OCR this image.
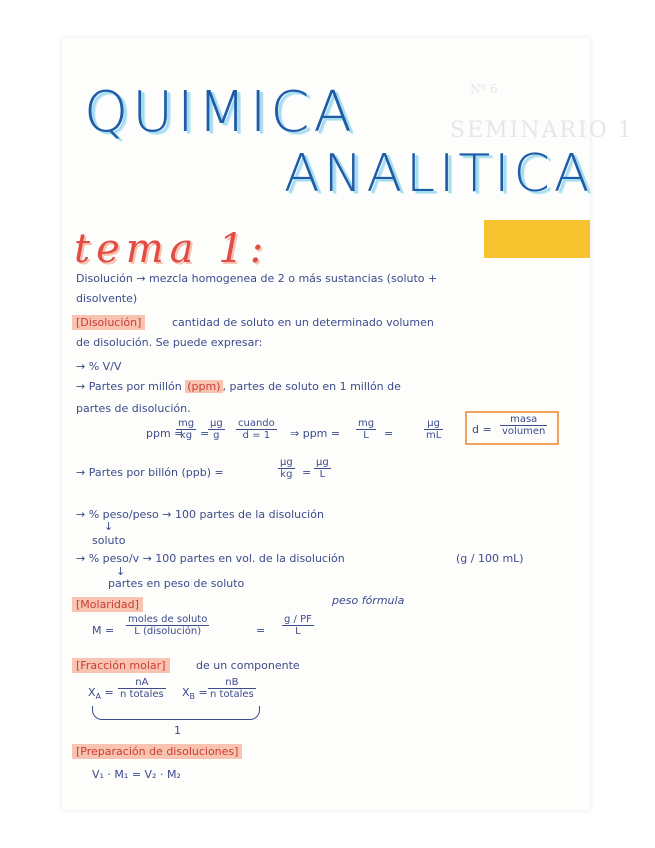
Nº 6
SEMINARIO 1
QUIMICA
ANALITICA
tema 1:
Disolución → mezcla homogenea de 2 o más sustancias (soluto +
disolvente)
[Disolución]	cantidad de soluto en un determinado volumen
de disolución. Se puede expresar:
→ % V/V
→ Partes por millón (ppm) , partes de soluto en 1 millón de
partes de disolución.
ppm =
$\frac{mg}{kg}$ =
$\frac{\mu g}{g}$ cuando
d = 1	⇒ ppm = $\frac{mg}{L}$ =	$\frac{\mu g}{mL}$	d =
masa
volumen
→ Partes por billón (ppb) =	$\frac{\mu g}{kg} = \frac{\mu g}{L}$
→ % peso/peso → 100 partes de la disolución
↓
soluto
→ % peso/v → 100 partes en vol. de la disolución	(g / 100 mL)
↓
partes en peso de soluto
[Molaridad]	peso fórmula
M =
moles de soluto
L (disolución)	= $\frac{g / PF}{L}$
[Fracción molar]	de un componente
$X_A$ =
nA
n totales $X_B$ =
nB
n totales
1
[Preparación de disoluciones]
V₁ · M₁ = V₂ · M₂
